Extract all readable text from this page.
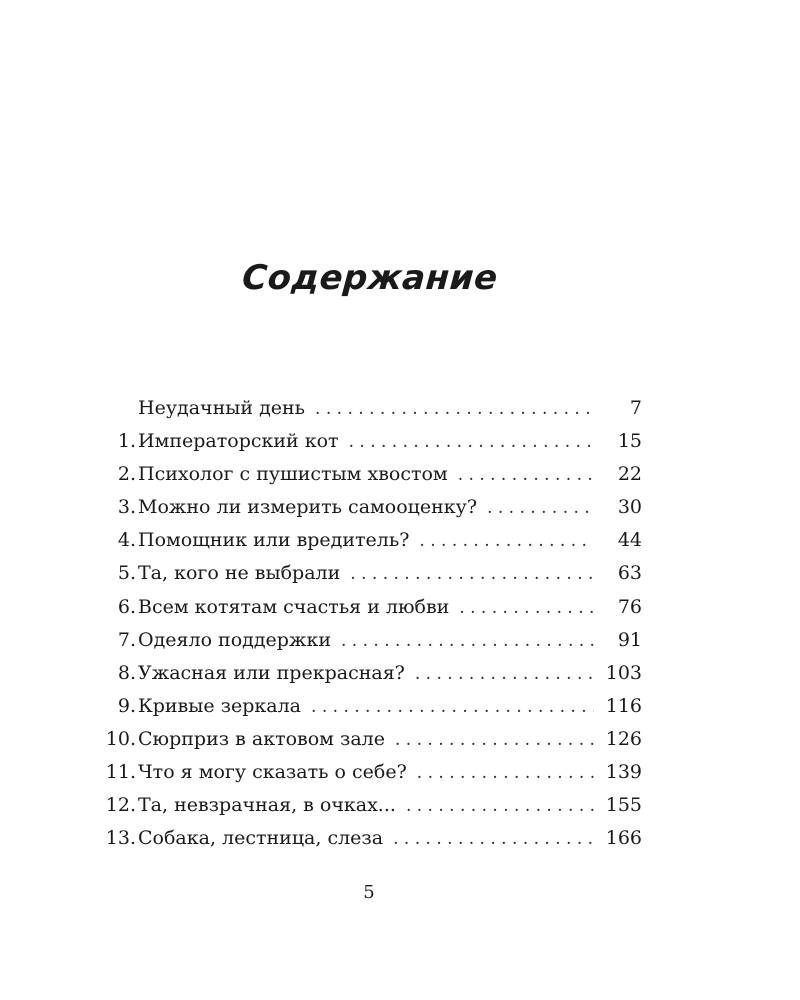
Содержание
Неудачный день . . .	7
1. Императорский кот . . .	15
2. Психолог с пушистым хвостом . . .	22
3. Можно ли измерить самооценку? . . .	30
4. Помощник или вредитель? . . .	44
5. Та, кого не выбрали . . .	63
6. Всем котятам счастья и любви . . .	76
7. Одеяло поддержки . . .	91
8. Ужасная или прекрасная? . . .	103
9. Кривые зеркала . . .	116
10. Сюрприз в актовом зале . . .	126
11. Что я могу сказать о себе? . . .	139
12. Та, невзрачная, в очках... . . .	155
13. Собака, лестница, слеза . . .	166
5
